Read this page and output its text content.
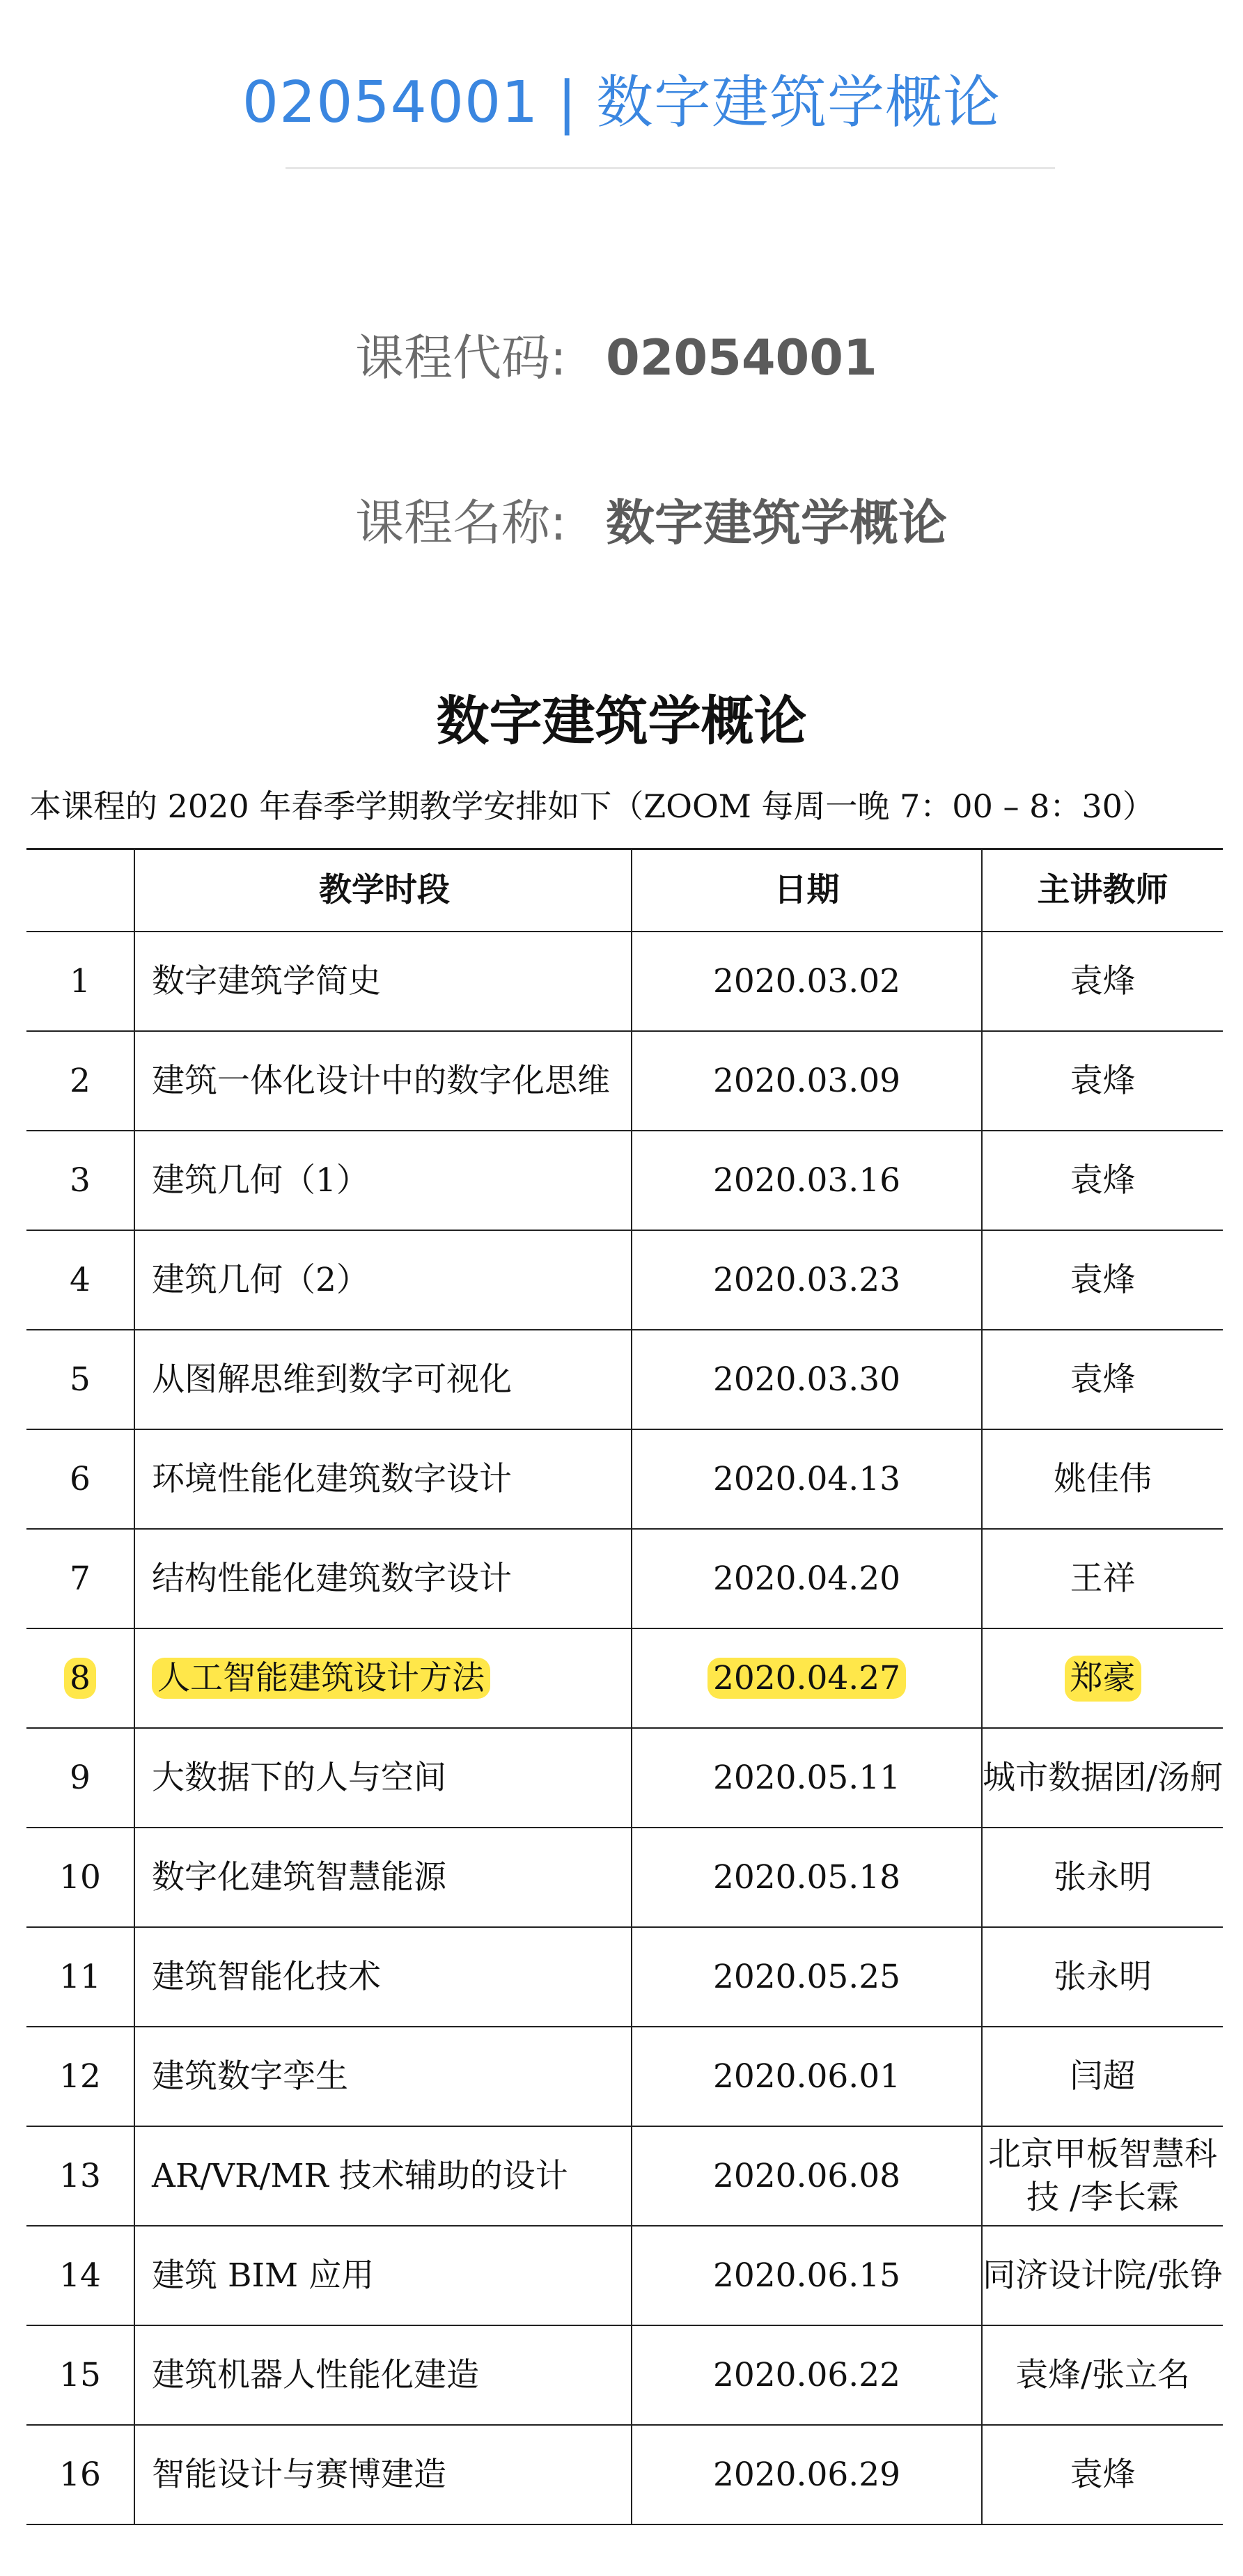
02054001 | 数字建筑学概论
课程代码: 02054001
课程名称: 数字建筑学概论
数字建筑学概论
本课程的 2020 年春季学期教学安排如下（ZOOM 每周一晚 7：00 – 8：30）
	教学时段	日期	主讲教师
1	数字建筑学简史	2020.03.02	袁烽
2	建筑一体化设计中的数字化思维	2020.03.09	袁烽
3	建筑几何（1）	2020.03.16	袁烽
4	建筑几何（2）	2020.03.23	袁烽
5	从图解思维到数字可视化	2020.03.30	袁烽
6	环境性能化建筑数字设计	2020.04.13	姚佳伟
7	结构性能化建筑数字设计	2020.04.20	王祥
8	人工智能建筑设计方法	2020.04.27	郑豪
9	大数据下的人与空间	2020.05.11	城市数据团/汤舸
10	数字化建筑智慧能源	2020.05.18	张永明
11	建筑智能化技术	2020.05.25	张永明
12	建筑数字孪生	2020.06.01	闫超
13	AR/VR/MR 技术辅助的设计	2020.06.08	北京甲板智慧科技 /李长霖
14	建筑 BIM 应用	2020.06.15	同济设计院/张铮
15	建筑机器人性能化建造	2020.06.22	袁烽/张立名
16	智能设计与赛博建造	2020.06.29	袁烽
